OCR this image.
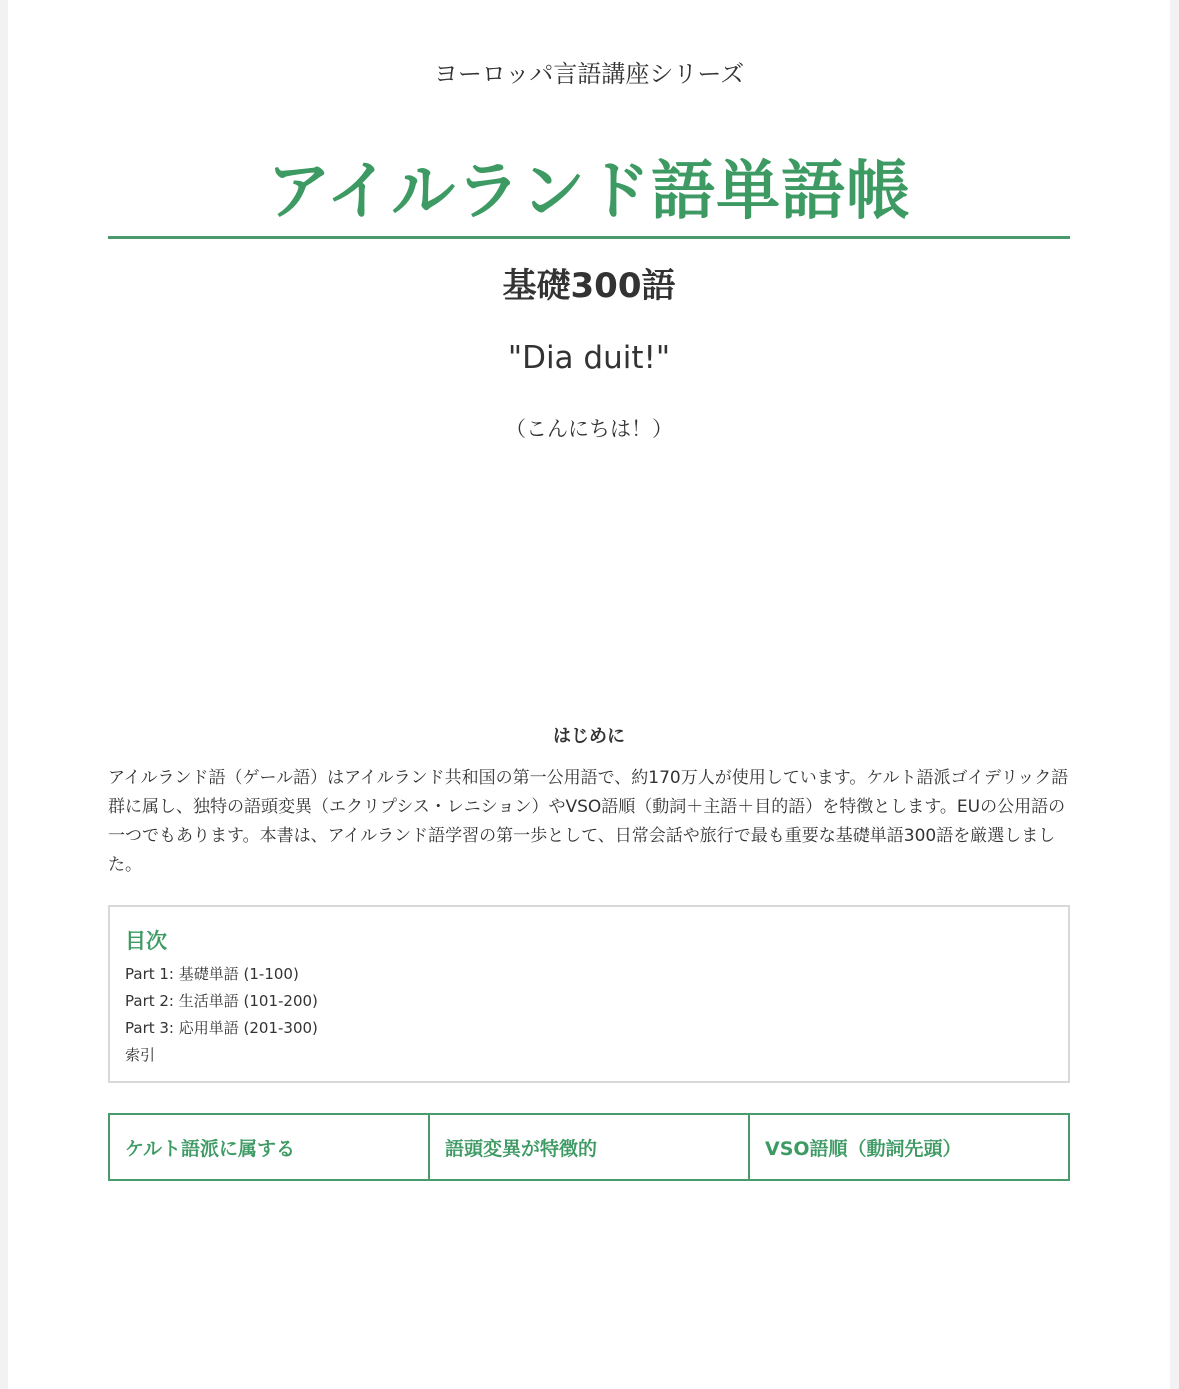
ヨーロッパ言語講座シリーズ
アイルランド語単語帳
基礎300語
"Dia duit!"
（こんにちは！）
はじめに

アイルランド語（ゲール語）はアイルランド共和国の第一公用語で、約170万人が使用しています。ケルト語派ゴイデリック語群に属し、独特の語頭変異（エクリプシス・レニション）やVSO語順（動詞＋主語＋目的語）を特徴とします。EUの公用語の一つでもあります。本書は、アイルランド語学習の第一歩として、日常会話や旅行で最も重要な基礎単語300語を厳選しました。

目次
Part 1: 基礎単語 (1-100)
Part 2: 生活単語 (101-200)
Part 3: 応用単語 (201-300)
索引
ケルト語派に属する	語頭変異が特徴的	VSO語順（動詞先頭）
